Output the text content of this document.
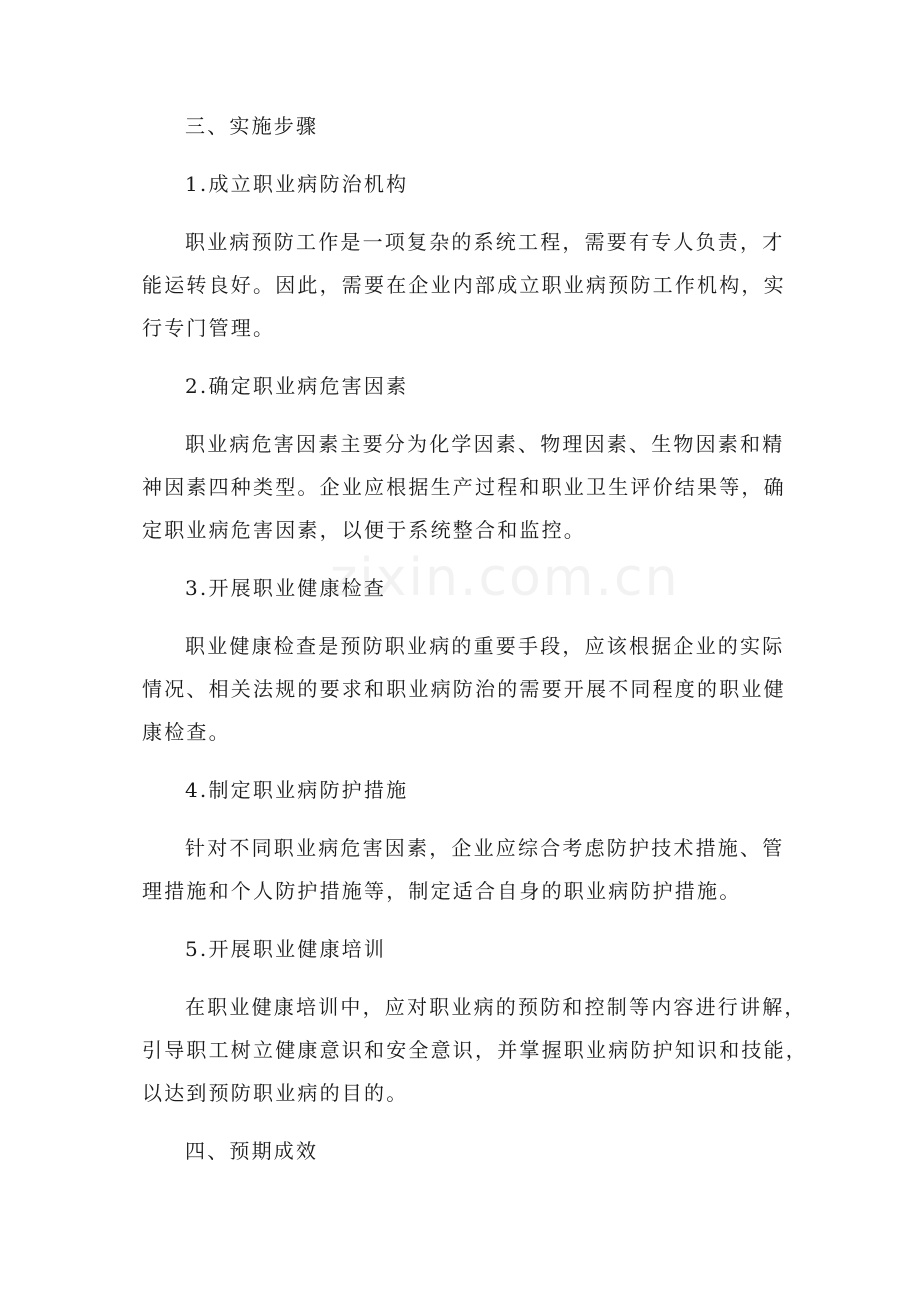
三、实施步骤
1.成立职业病防治机构
职业病预防工作是一项复杂的系统工程，需要有专人负责，才
能运转良好。因此，需要在企业内部成立职业病预防工作机构，实
行专门管理。
2.确定职业病危害因素
职业病危害因素主要分为化学因素、物理因素、生物因素和精
神因素四种类型。企业应根据生产过程和职业卫生评价结果等，确
定职业病危害因素，以便于系统整合和监控。
3.开展职业健康检查
职业健康检查是预防职业病的重要手段，应该根据企业的实际
情况、相关法规的要求和职业病防治的需要开展不同程度的职业健
康检查。
4.制定职业病防护措施
针对不同职业病危害因素，企业应综合考虑防护技术措施、管
理措施和个人防护措施等，制定适合自身的职业病防护措施。
5.开展职业健康培训
在职业健康培训中，应对职业病的预防和控制等内容进行讲解，
引导职工树立健康意识和安全意识，并掌握职业病防护知识和技能，
以达到预防职业病的目的。
四、预期成效
zixin.com.cn
